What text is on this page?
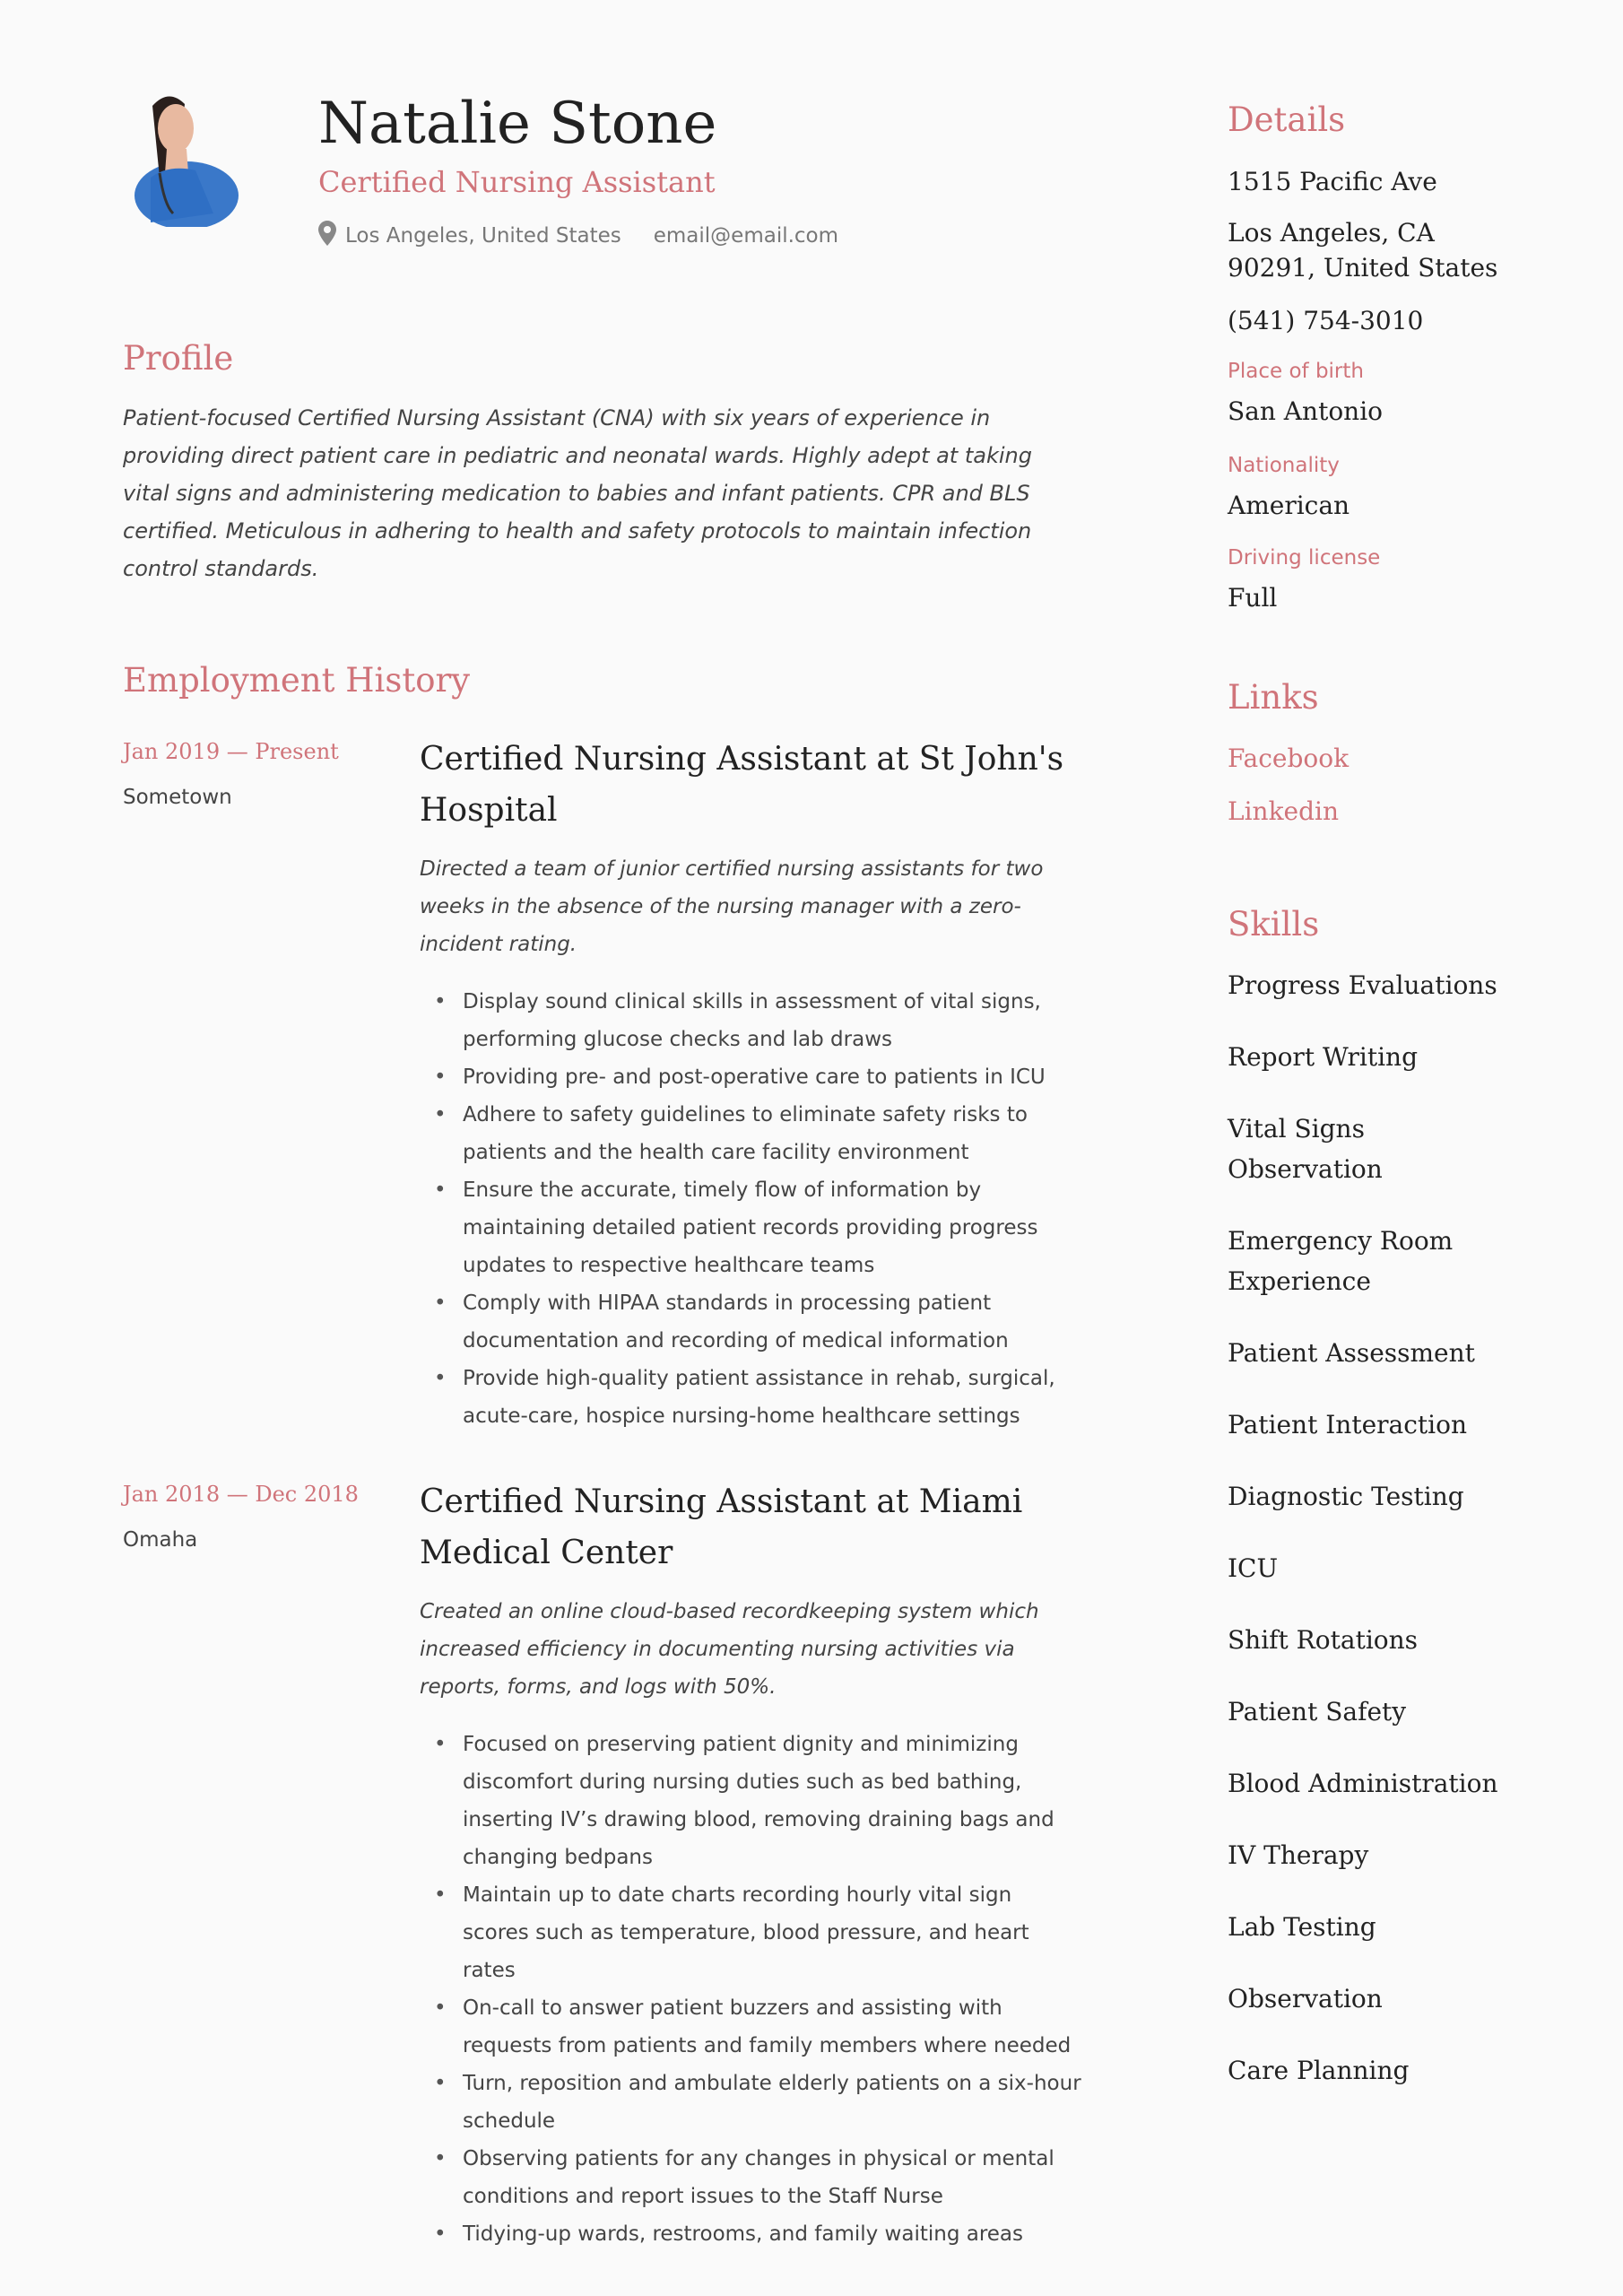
Natalie Stone
Certified Nursing Assistant
Los Angeles, United States email@email.com
Profile
Patient-focused Certified Nursing Assistant (CNA) with six years of experience in providing direct patient care in pediatric and neonatal wards. Highly adept at taking vital signs and administering medication to babies and infant patients. CPR and BLS certified. Meticulous in adhering to health and safety protocols to maintain infection control standards.
Employment History
Jan 2019 — Present
Sometown
Certified Nursing Assistant at St John's Hospital
Directed a team of junior certified nursing assistants for two weeks in the absence of the nursing manager with a zero-incident rating.
• Display sound clinical skills in assessment of vital signs, performing glucose checks and lab draws
• Providing pre- and post-operative care to patients in ICU
• Adhere to safety guidelines to eliminate safety risks to patients and the health care facility environment
• Ensure the accurate, timely flow of information by maintaining detailed patient records providing progress updates to respective healthcare teams
• Comply with HIPAA standards in processing patient documentation and recording of medical information
• Provide high-quality patient assistance in rehab, surgical, acute-care, hospice nursing-home healthcare settings
Jan 2018 — Dec 2018
Omaha
Certified Nursing Assistant at Miami Medical Center
Created an online cloud-based recordkeeping system which increased efficiency in documenting nursing activities via reports, forms, and logs with 50%.
• Focused on preserving patient dignity and minimizing discomfort during nursing duties such as bed bathing, inserting IV’s drawing blood, removing draining bags and changing bedpans
• Maintain up to date charts recording hourly vital sign scores such as temperature, blood pressure, and heart rates
• On-call to answer patient buzzers and assisting with requests from patients and family members where needed
• Turn, reposition and ambulate elderly patients on a six-hour schedule
• Observing patients for any changes in physical or mental conditions and report issues to the Staff Nurse
• Tidying-up wards, restrooms, and family waiting areas
Details
1515 Pacific Ave
Los Angeles, CA 90291, United States
(541) 754-3010
Place of birth
San Antonio
Nationality
American
Driving license
Full
Links
Facebook
Linkedin
Skills
Progress Evaluations
Report Writing
Vital Signs Observation
Emergency Room Experience
Patient Assessment
Patient Interaction
Diagnostic Testing
ICU
Shift Rotations
Patient Safety
Blood Administration
IV Therapy
Lab Testing
Observation
Care Planning
